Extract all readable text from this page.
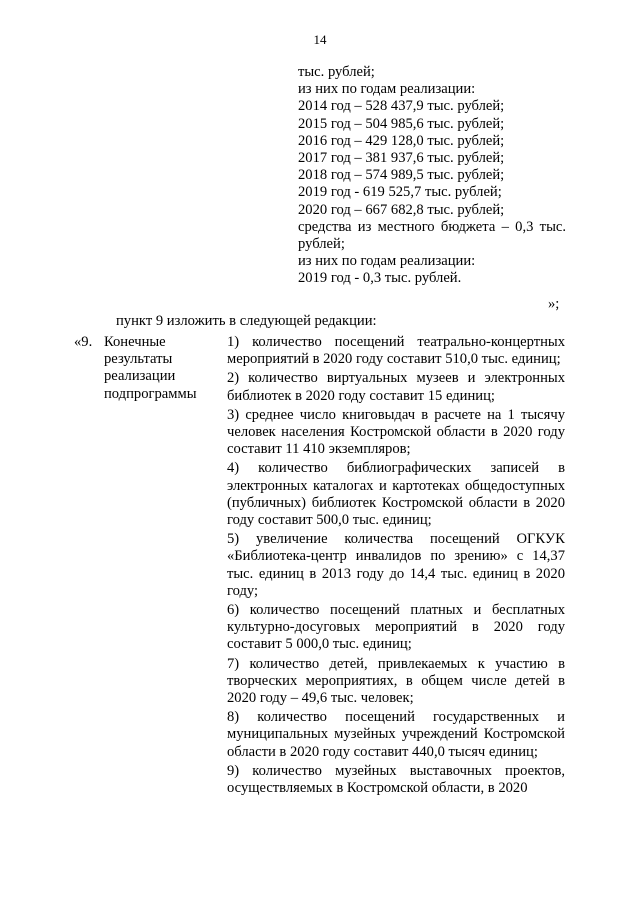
14
тыс. рублей;
из них по годам реализации:
2014 год – 528 437,9 тыс. рублей;
2015 год – 504 985,6 тыс. рублей;
2016 год – 429 128,0 тыс. рублей;
2017 год – 381 937,6 тыс. рублей;
2018 год – 574 989,5 тыс. рублей;
2019 год - 619 525,7 тыс. рублей;
2020 год – 667 682,8 тыс. рублей;
средства из местного бюджета – 0,3 тыс. рублей;
из них по годам реализации:
2019 год - 0,3 тыс. рублей.
»;
пункт 9 изложить в следующей редакции:
«9. Конечные
результаты
реализации
подпрограммы

1) количество посещений театрально-концертных мероприятий в 2020 году составит 510,0 тыс. единиц;

2) количество виртуальных музеев и электронных библиотек в 2020 году составит 15 единиц;

3) среднее число книговыдач в расчете на 1 тысячу человек населения Костромской области в 2020 году составит 11 410 экземпляров;

4) количество библиографических записей в электронных каталогах и картотеках общедоступных (публичных) библиотек Костромской области в 2020 году составит 500,0 тыс. единиц;

5) увеличение количества посещений ОГКУК «Библиотека-центр инвалидов по зрению» с 14,37 тыс. единиц в 2013 году до 14,4 тыс. единиц в 2020 году;

6) количество посещений платных и бесплатных культурно-досуговых мероприятий в 2020 году составит 5 000,0 тыс. единиц;

7) количество детей, привлекаемых к участию в творческих мероприятиях, в общем числе детей в 2020 году – 49,6 тыс. человек;

8) количество посещений государственных и муниципальных музейных учреждений Костромской области в 2020 году составит 440,0 тысяч единиц;

9) количество музейных выставочных проектов, осуществляемых в Костромской области, в 2020
